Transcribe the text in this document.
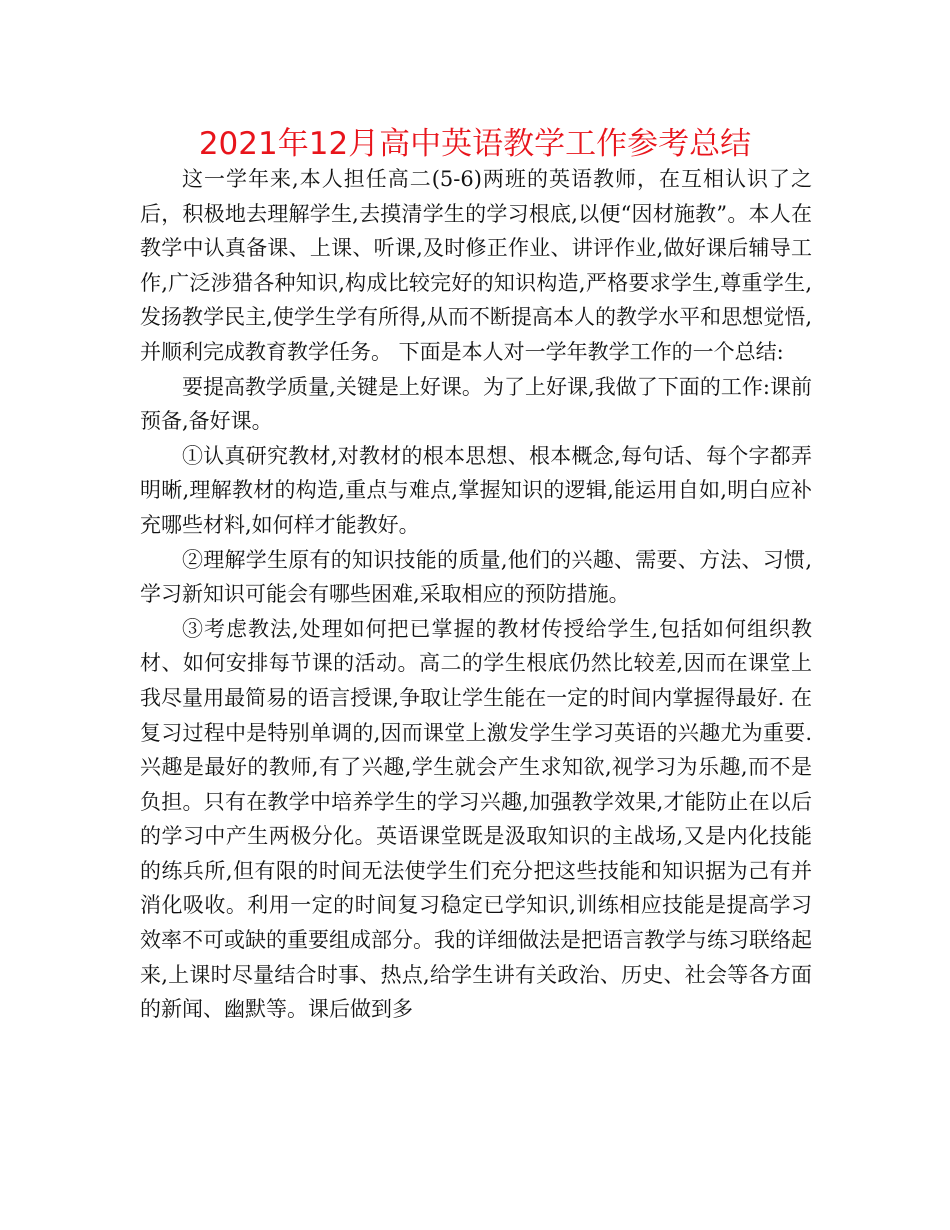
2021年12月高中英语教学工作参考总结

这一学年来,本人担任高二(5-6)两班的英语教师，在互相认识了之后，积极地去理解学生,去摸清学生的学习根底,以便“因材施教”。本人在教学中认真备课、上课、听课,及时修正作业、讲评作业,做好课后辅导工作,广泛涉猎各种知识,构成比较完好的知识构造,严格要求学生,尊重学生,发扬教学民主,使学生学有所得,从而不断提高本人的教学水平和思想觉悟,并顺利完成教育教学任务。 下面是本人对一学年教学工作的一个总结:

要提高教学质量,关键是上好课。为了上好课,我做了下面的工作:课前预备,备好课。

①认真研究教材,对教材的根本思想、根本概念,每句话、每个字都弄明晰,理解教材的构造,重点与难点,掌握知识的逻辑,能运用自如,明白应补充哪些材料,如何样才能教好。

②理解学生原有的知识技能的质量,他们的兴趣、需要、方法、习惯,学习新知识可能会有哪些困难,采取相应的预防措施。

③考虑教法,处理如何把已掌握的教材传授给学生,包括如何组织教材、如何安排每节课的活动。高二的学生根底仍然比较差,因而在课堂上我尽量用最简易的语言授课,争取让学生能在一定的时间内掌握得最好. 在复习过程中是特别单调的,因而课堂上激发学生学习英语的兴趣尤为重要.兴趣是最好的教师,有了兴趣,学生就会产生求知欲,视学习为乐趣,而不是负担。只有在教学中培养学生的学习兴趣,加强教学效果,才能防止在以后的学习中产生两极分化。英语课堂既是汲取知识的主战场,又是内化技能的练兵所,但有限的时间无法使学生们充分把这些技能和知识据为己有并消化吸收。利用一定的时间复习稳定已学知识,训练相应技能是提高学习效率不可或缺的重要组成部分。我的详细做法是把语言教学与练习联络起来,上课时尽量结合时事、热点,给学生讲有关政治、历史、社会等各方面的新闻、幽默等。课后做到多
